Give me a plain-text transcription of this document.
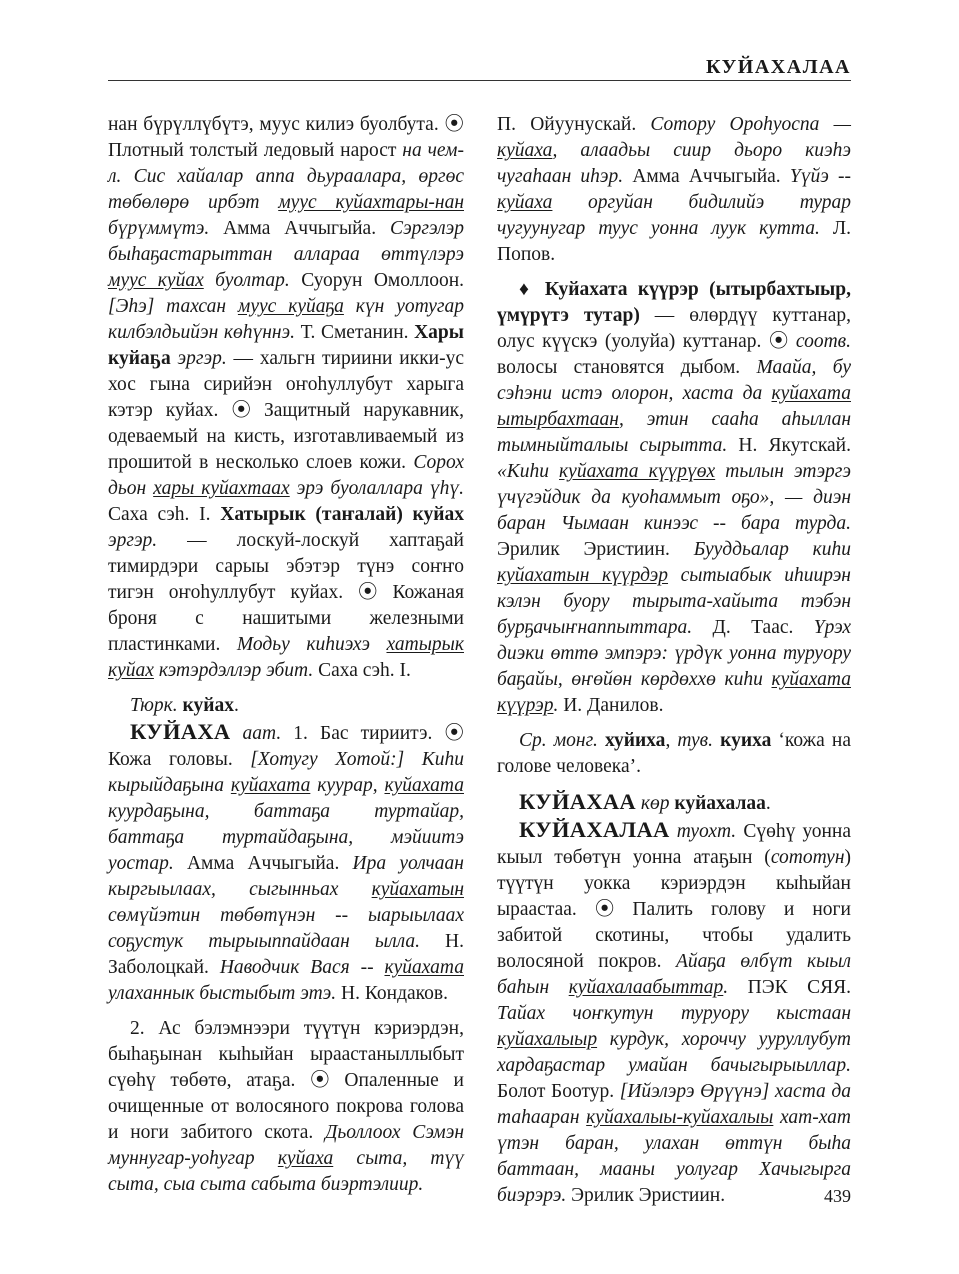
КУЙАХАЛАА

нан бүрүллүбүтэ, муус килиэ буолбута. ⦿ Плотный толстый ледовый нарост на чем-л. Сис хайалар аппа дьураалара, өргөс төбөлөрө ирбэт муус куйахтары-нан бүрүммүтэ. Амма Аччыгыйа. Сэргэлэр быһаҕастарыттан аллараа өттүлэрэ муус куйах буолтар. Суорун Омоллоон. [Эһэ] тахсан муус куйаҕа күн уотугар килбэлдьийэн көһүннэ. Т. Сметанин. Хары куйаҕа эргэр. — хальгн тириини икки-ус хос гына сирийэн оҥоһуллубут харыга кэтэр куйах. ⦿ Защитный нарукавник, одеваемый на кисть, изготавливаемый из прошитой в несколько слоев кожи. Сорох дьон хары куйахтаах эрэ буолаллара үһү. Саха сэһ. I. Хатырык (таҥалай) куйах эргэр. — лоскуй-лоскуй хаптаҕай тимирдэри сарыы эбэтэр түнэ соҥҥо тигэн оҥоһуллубут куйах. ⦿ Кожаная броня с нашитыми железными пластинками. Модьу киһиэхэ хатырык куйах кэтэрдэллэр эбит. Саха сэһ. I.

Тюрк. куйах.

КУЙАХА аат. 1. Бас тириитэ. ⦿ Кожа головы. [Хотугу Хотой:] Киһи кырыйдаҕына куйахата куурар, куйахата куурдаҕына, баттаҕа туртайар, баттаҕа туртайдаҕына, мэйиитэ уостар. Амма Аччыгыйа. Ира уолчаан кыргыылаах, сыгынньах куйахатын сөмүйэтин төбөтүнэн -- ыарыылаах соҕустук тырыыппайдаан ылла. Н. Заболоцкай. Наводчик Вася -- куйахата улаханнык быстыбыт этэ. Н. Кондаков.

2. Ас бэлэмнээри түүтүн кэриэрдэн, быһаҕынан кыһыйан ыраастаныллыбыт сүөһү төбөтө, атаҕа. ⦿ Опаленные и очищенные от волосяного покрова голова и ноги забитого скота. Дьоллоох Сэмэн муннугар-уоһугар куйаха сыта, түү сыта, сыа сыта сабыта биэртэлиир.

П. Ойуунускай. Сотору Ороһуоспа — куйаха, алаадьы сиир дьоро киэһэ чугаһаан иһэр. Амма Аччыгыйа. Үүйэ -- куйаха оргуйан бидилийэ турар чугуунугар туус уонна луук кутта. Л. Попов.

♦ Куйахата күүрэр (ытырбахтыыр, үмүрүтэ тутар) — өлөрдүү куттанар, олус күүскэ (уолуйа) куттанар. ⦿ соотв. волосы становятся дыбом. Маайа, бу сэһэни истэ олорон, хаста да куйахата ытырбахтаан, этин сааһа аһыллан тымныйталыы сырытта. Н. Якутскай. «Киһи куйахата күүрүөх тылын этэргэ үчүгэйдик да куоһаммыт оҕо», — диэн баран Чымаан кинээс -- бара турда. Эрилик Эристиин. Бууддьалар киһи куйахатын күүрдэр сытыабык иһиирэн кэлэн буору тырыта-хайыта тэбэн бурҕачыҥнаппыттара. Д. Таас. Үрэх диэки өттө эмпэрэ: үрдүк уонна туруору баҕайы, өҥөйөн көрдөххө киһи куйахата күүрэр. И. Данилов.

Ср. монг. хуйиха, тув. куиха ‘кожа на голове человека’.

КУЙАХАА көр куйахалаа.

КУЙАХАЛАА туохт. Сүөһү уонна кыыл төбөтүн уонна атаҕын (сототун) түүтүн уокка кэриэрдэн кыһыйан ыраастаа. ⦿ Палить голову и ноги забитой скотины, чтобы удалить волосяной покров. Айаҕа өлбүт кыыл баһын куйахалаабыттар. ПЭК СЯЯ. Тайах чоҥкутун туруору кыстаан куйахалыыр курдук, хороччу ууруллубут хардаҕастар умайан бачыгырыыллар. Болот Боотур. [Ийэлэрэ Өрүүнэ] хаста да таһааран куйахалыы-куйахалыы хат-хат үтэн баран, улахан өттүн быһа баттаан, мааны уолугар Хачыгырга биэрэрэ. Эрилик Эристиин.	439
